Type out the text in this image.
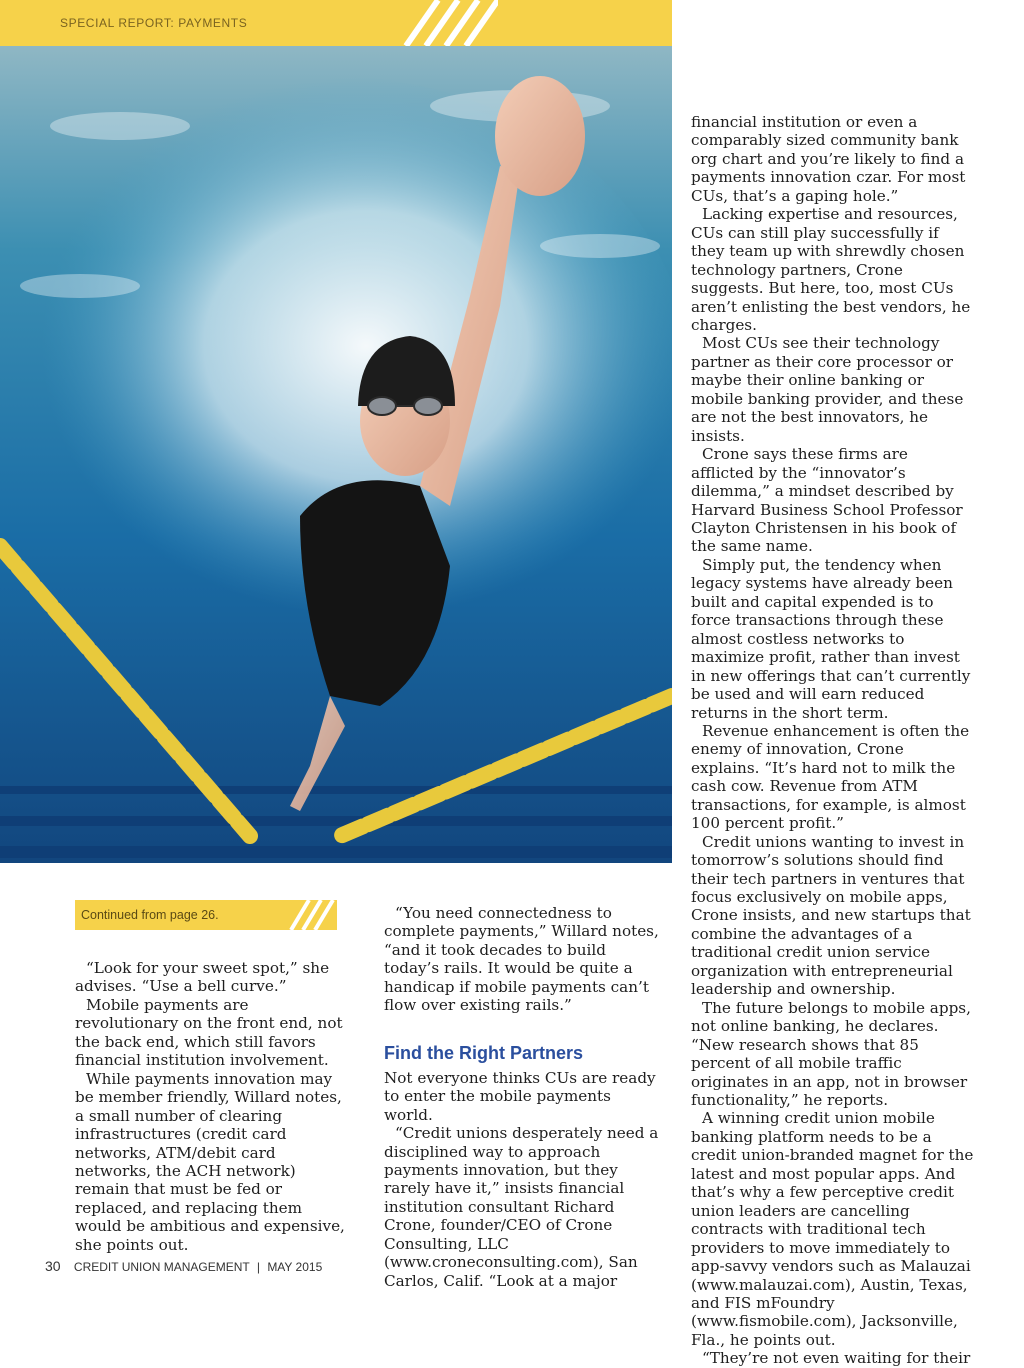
SPECIAL REPORT: PAYMENTS
Continued from page 26.

“Look for your sweet spot,” she advises. “Use a bell curve.”

Mobile payments are revolutionary on the front end, not the back end, which still favors financial institution involvement.

While payments innovation may be member friendly, Willard notes, a small number of clearing infrastructures (credit card networks, ATM/debit card networks, the ACH network) remain that must be fed or replaced, and replacing them would be ambitious and expensive, she points out.

“You need connectedness to complete payments,” Willard notes, “and it took decades to build today’s rails. It would be quite a handicap if mobile payments can’t flow over existing rails.”

Find the Right Partners

Not everyone thinks CUs are ready to enter the mobile payments world.

“Credit unions desperately need a disciplined way to approach payments innovation, but they rarely have it,” insists financial institution consultant Richard Crone, founder/CEO of Crone Consulting, LLC (www.croneconsulting.com), San Carlos, Calif. “Look at a major

financial institution or even a comparably sized community bank org chart and you’re likely to find a payments innovation czar. For most CUs, that’s a gaping hole.”

Lacking expertise and resources, CUs can still play successfully if they team up with shrewdly chosen technology partners, Crone suggests. But here, too, most CUs aren’t enlisting the best vendors, he charges.

Most CUs see their technology partner as their core processor or maybe their online banking or mobile banking provider, and these are not the best innovators, he insists.

Crone says these firms are afflicted by the “innovator’s dilemma,” a mindset described by Harvard Business School Professor Clayton Christensen in his book of the same name.

Simply put, the tendency when legacy systems have already been built and capital expended is to force transactions through these almost costless networks to maximize profit, rather than invest in new offerings that can’t currently be used and will earn reduced returns in the short term.

Revenue enhancement is often the enemy of innovation, Crone explains. “It’s hard not to milk the cash cow. Revenue from ATM transactions, for example, is almost 100 percent profit.”

Credit unions wanting to invest in tomorrow’s solutions should find their tech partners in ventures that focus exclusively on mobile apps, Crone insists, and new startups that combine the advantages of a traditional credit union service organization with entrepreneurial leadership and ownership.

The future belongs to mobile apps, not online banking, he declares. “New research shows that 85 percent of all mobile traffic originates in an app, not in browser functionality,” he reports.

A winning credit union mobile banking platform needs to be a credit union-branded magnet for the latest and most popular apps. And that’s why a few perceptive credit union leaders are cancelling contracts with traditional tech providers to move immediately to app-savvy vendors such as Malauzai (www.malauzai.com), Austin, Texas, and FIS mFoundry (www.fismobile.com), Jacksonville, Fla., he points out.

“They’re not even waiting for their

30 CREDIT UNION MANAGEMENT | MAY 2015
